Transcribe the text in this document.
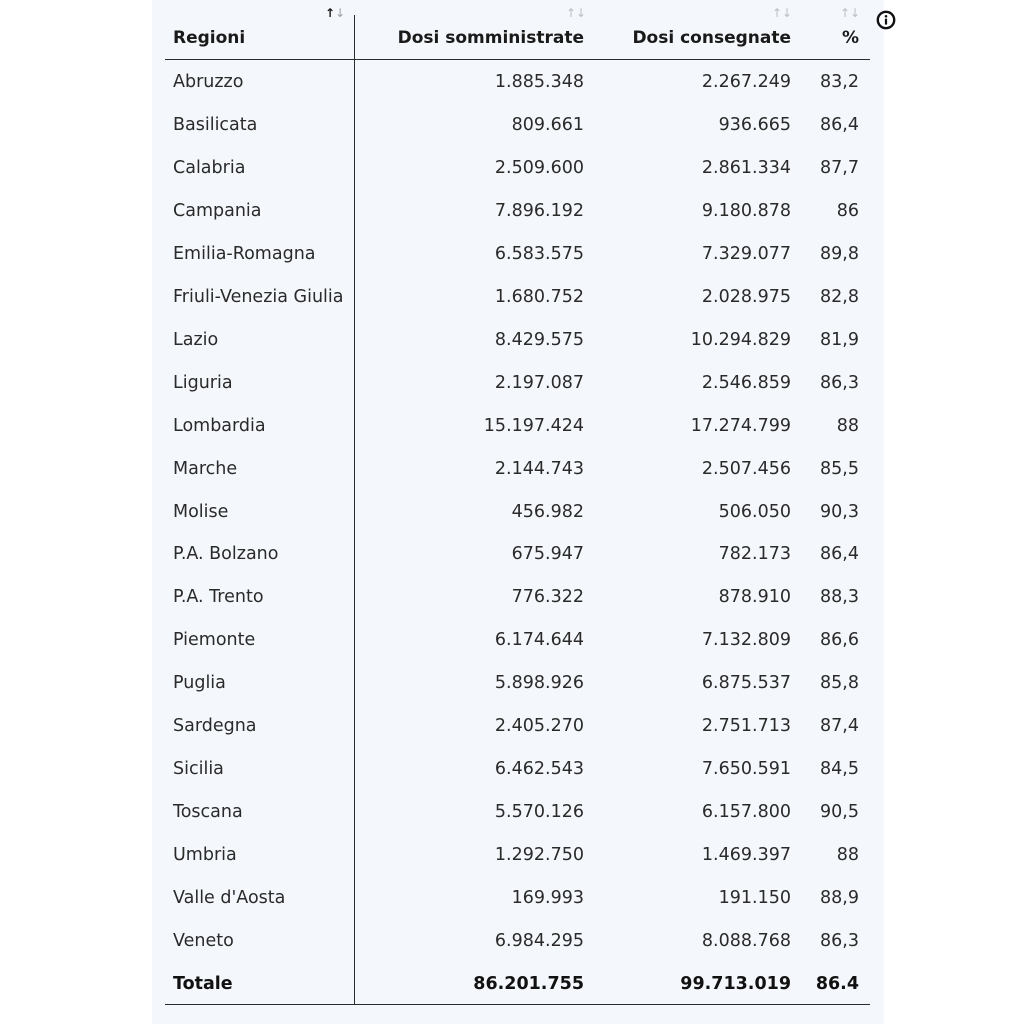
↑↓	↑↓	↑↓	↑↓
Regioni	Dosi somministrate	Dosi consegnate	%
Abruzzo	1.885.348	2.267.249	83,2
Basilicata	809.661	936.665	86,4
Calabria	2.509.600	2.861.334	87,7
Campania	7.896.192	9.180.878	86
Emilia-Romagna	6.583.575	7.329.077	89,8
Friuli-Venezia Giulia	1.680.752	2.028.975	82,8
Lazio	8.429.575	10.294.829	81,9
Liguria	2.197.087	2.546.859	86,3
Lombardia	15.197.424	17.274.799	88
Marche	2.144.743	2.507.456	85,5
Molise	456.982	506.050	90,3
P.A. Bolzano	675.947	782.173	86,4
P.A. Trento	776.322	878.910	88,3
Piemonte	6.174.644	7.132.809	86,6
Puglia	5.898.926	6.875.537	85,8
Sardegna	2.405.270	2.751.713	87,4
Sicilia	6.462.543	7.650.591	84,5
Toscana	5.570.126	6.157.800	90,5
Umbria	1.292.750	1.469.397	88
Valle d'Aosta	169.993	191.150	88,9
Veneto	6.984.295	8.088.768	86,3
Totale	86.201.755	99.713.019	86.4
